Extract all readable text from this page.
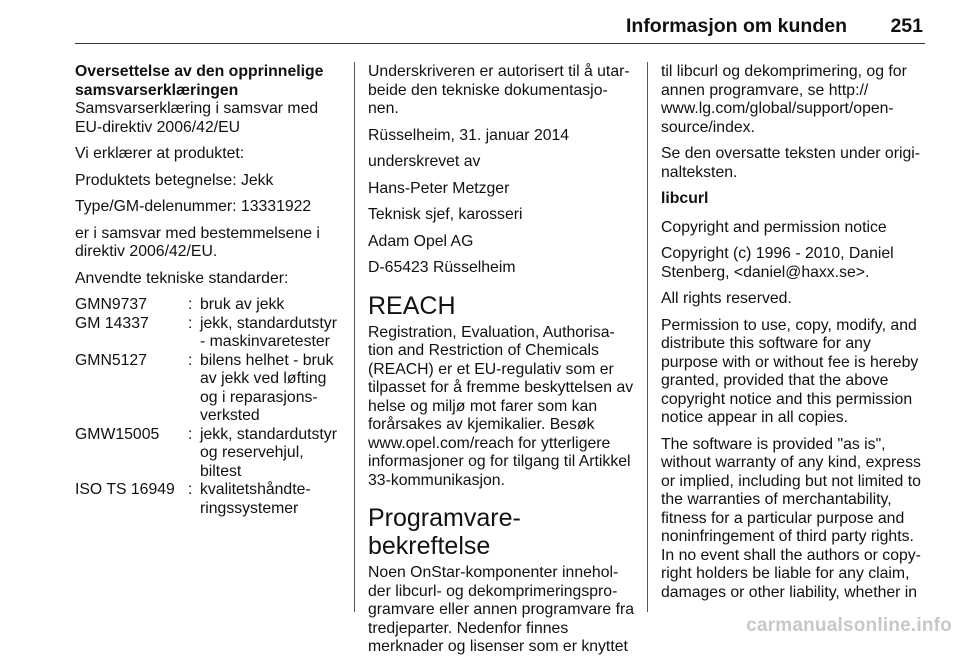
Informasjon om kunden 251

Oversettelse av den opprinnelige

samsvarserklæringen

Samsvarserklæring i samsvar med EU-direktiv 2006/42/EU

Vi erklærer at produktet:

Produktets betegnelse: Jekk

Type/GM-delenummer: 13331922

er i samsvar med bestemmelsene i direktiv 2006/42/EU.

Anvendte tekniske standarder:

GMN9737	:	bruk av jekk
GM 14337	:	jekk, standardutstyr - maskinvaretester
GMN5127	:	bilens helhet - bruk av jekk ved løfting og i reparasjons-verksted
GMW15005	:	jekk, standardutstyr og reservehjul, biltest
ISO TS 16949	:	kvalitetshåndte-ringssystemer

Underskriveren er autorisert til å utar-beide den tekniske dokumentasjo-nen.

Rüsselheim, 31. januar 2014

underskrevet av

Hans-Peter Metzger

Teknisk sjef, karosseri

Adam Opel AG

D-65423 Rüsselheim

REACH

Registration, Evaluation, Authorisa-tion and Restriction of Chemicals (REACH) er et EU-regulativ som er tilpasset for å fremme beskyttelsen av helse og miljø mot farer som kan forårsakes av kjemikalier. Besøk www.opel.com/reach for ytterligere informasjoner og for tilgang til Artikkel 33-kommunikasjon.

Programvare-bekreftelse

Noen OnStar-komponenter innehol-der libcurl- og dekomprimeringspro-gramvare eller annen programvare fra tredjeparter. Nedenfor finnes merknader og lisenser som er knyttet

til libcurl og dekomprimering, og for annen programvare, se http:// www.lg.com/global/support/open-source/index.

Se den oversatte teksten under origi-nalteksten.

libcurl

Copyright and permission notice

Copyright (c) 1996 - 2010, Daniel Stenberg, <daniel@haxx.se>.

All rights reserved.

Permission to use, copy, modify, and distribute this software for any purpose with or without fee is hereby granted, provided that the above copyright notice and this permission notice appear in all copies.

The software is provided "as is", without warranty of any kind, express or implied, including but not limited to the warranties of merchantability, fitness for a particular purpose and noninfringement of third party rights. In no event shall the authors or copy-right holders be liable for any claim, damages or other liability, whether in

carmanualsonline.info
